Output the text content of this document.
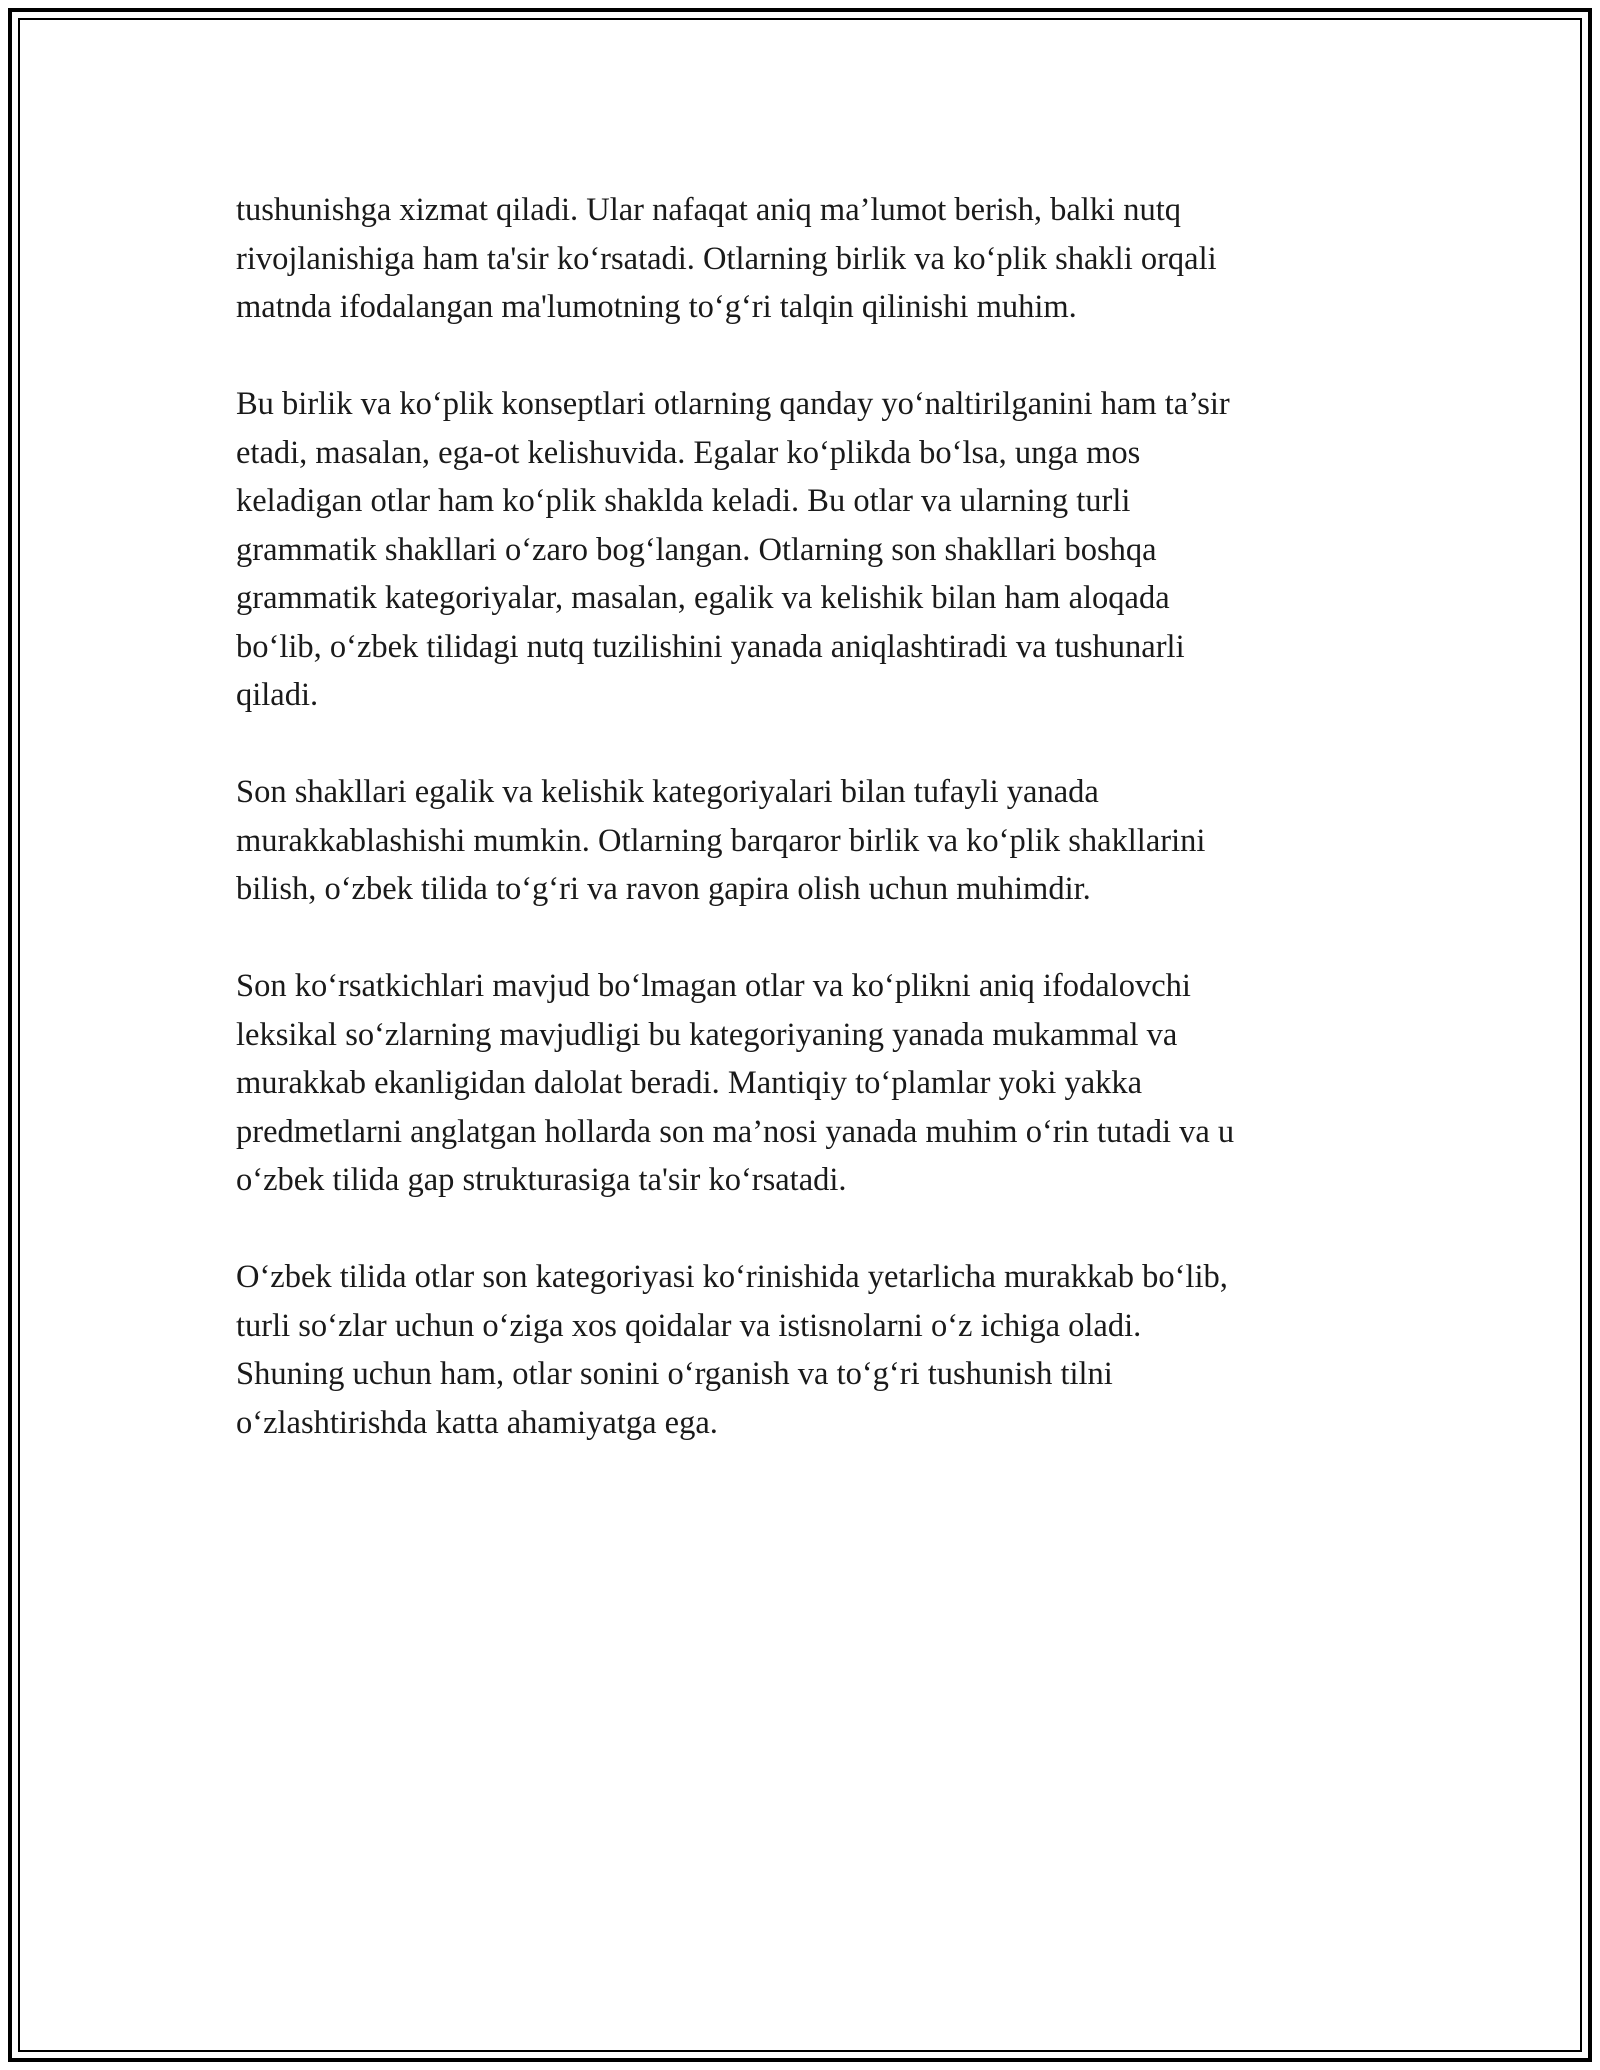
tushunishga xizmat qiladi. Ular nafaqat aniq ma’lumot berish, balki nutq
rivojlanishiga ham ta'sir ko‘rsatadi. Otlarning birlik va ko‘plik shakli orqali
matnda ifodalangan ma'lumotning to‘g‘ri talqin qilinishi muhim.

Bu birlik va ko‘plik konseptlari otlarning qanday yo‘naltirilganini ham ta’sir
etadi, masalan, ega-ot kelishuvida. Egalar ko‘plikda bo‘lsa, unga mos
keladigan otlar ham ko‘plik shaklda keladi. Bu otlar va ularning turli
grammatik shakllari o‘zaro bog‘langan. Otlarning son shakllari boshqa
grammatik kategoriyalar, masalan, egalik va kelishik bilan ham aloqada
bo‘lib, o‘zbek tilidagi nutq tuzilishini yanada aniqlashtiradi va tushunarli
qiladi.

Son shakllari egalik va kelishik kategoriyalari bilan tufayli yanada
murakkablashishi mumkin. Otlarning barqaror birlik va ko‘plik shakllarini
bilish, o‘zbek tilida to‘g‘ri va ravon gapira olish uchun muhimdir.

Son ko‘rsatkichlari mavjud bo‘lmagan otlar va ko‘plikni aniq ifodalovchi
leksikal so‘zlarning mavjudligi bu kategoriyaning yanada mukammal va
murakkab ekanligidan dalolat beradi. Mantiqiy to‘plamlar yoki yakka
predmetlarni anglatgan hollarda son ma’nosi yanada muhim o‘rin tutadi va u
o‘zbek tilida gap strukturasiga ta'sir ko‘rsatadi.

O‘zbek tilida otlar son kategoriyasi ko‘rinishida yetarlicha murakkab bo‘lib,
turli so‘zlar uchun o‘ziga xos qoidalar va istisnolarni o‘z ichiga oladi.
Shuning uchun ham, otlar sonini o‘rganish va to‘g‘ri tushunish tilni
o‘zlashtirishda katta ahamiyatga ega.
